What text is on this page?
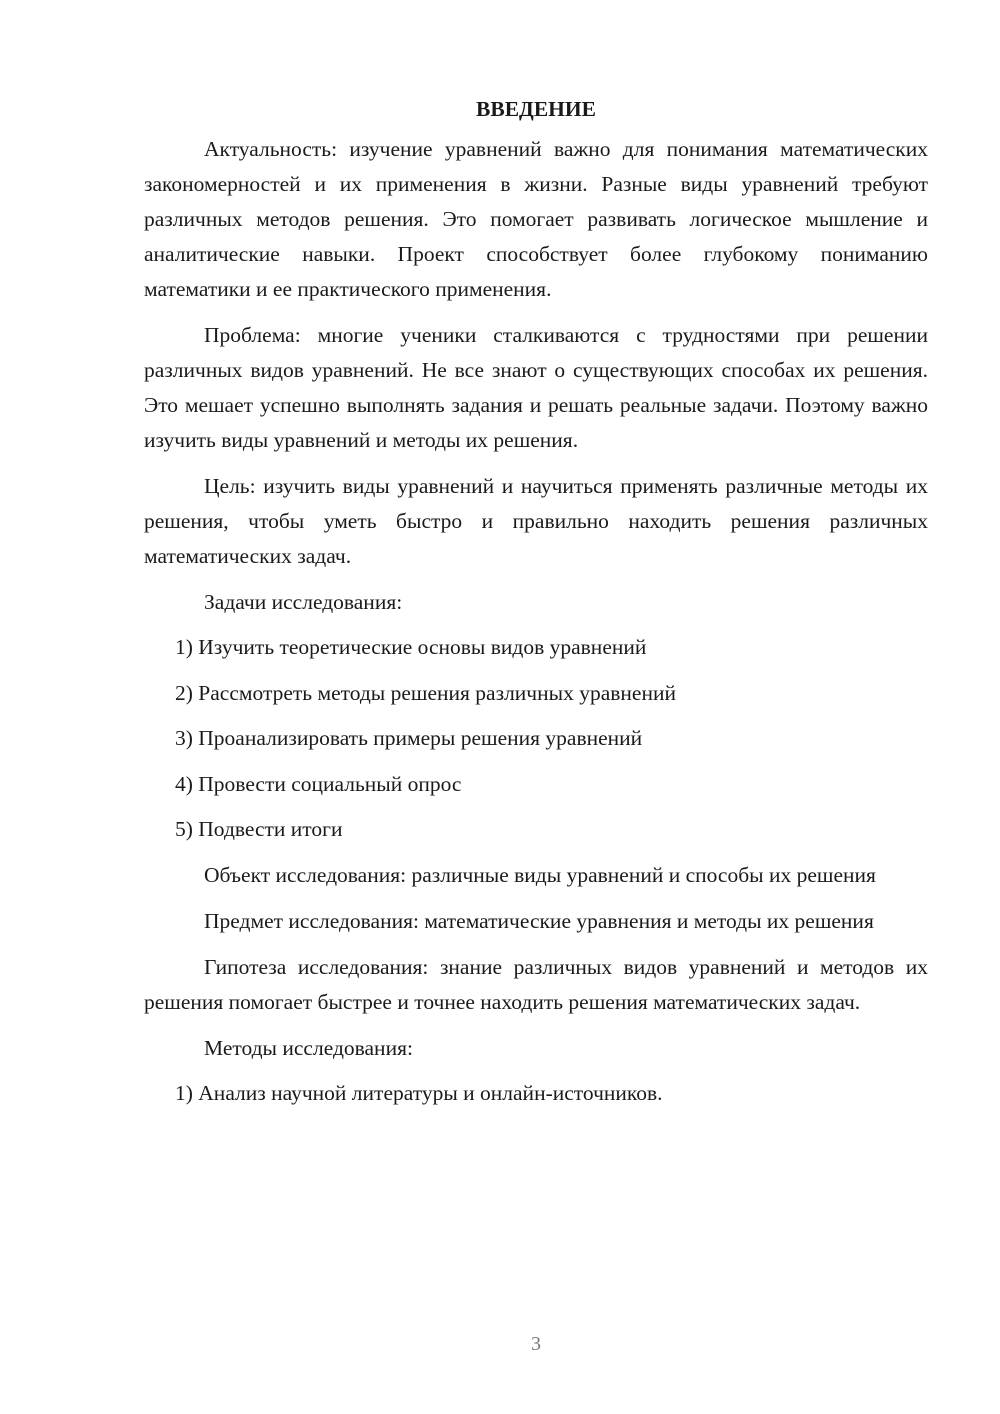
ВВЕДЕНИЕ

Актуальность: изучение уравнений важно для понимания математических закономерностей и их применения в жизни. Разные виды уравнений требуют различных методов решения. Это помогает развивать логическое мышление и аналитические навыки. Проект способствует более глубокому пониманию математики и ее практического применения.

Проблема: многие ученики сталкиваются с трудностями при решении различных видов уравнений. Не все знают о существующих способах их решения. Это мешает успешно выполнять задания и решать реальные задачи. Поэтому важно изучить виды уравнений и методы их решения.

Цель: изучить виды уравнений и научиться применять различные методы их решения, чтобы уметь быстро и правильно находить решения различных математических задач.

Задачи исследования:
1) Изучить теоретические основы видов уравнений
2) Рассмотреть методы решения различных уравнений
3) Проанализировать примеры решения уравнений
4) Провести социальный опрос
5) Подвести итоги

Объект исследования: различные виды уравнений и способы их решения

Предмет исследования: математические уравнения и методы их решения

Гипотеза исследования: знание различных видов уравнений и методов их решения помогает быстрее и точнее находить решения математических задач.

Методы исследования:
1) Анализ научной литературы и онлайн-источников.
3
